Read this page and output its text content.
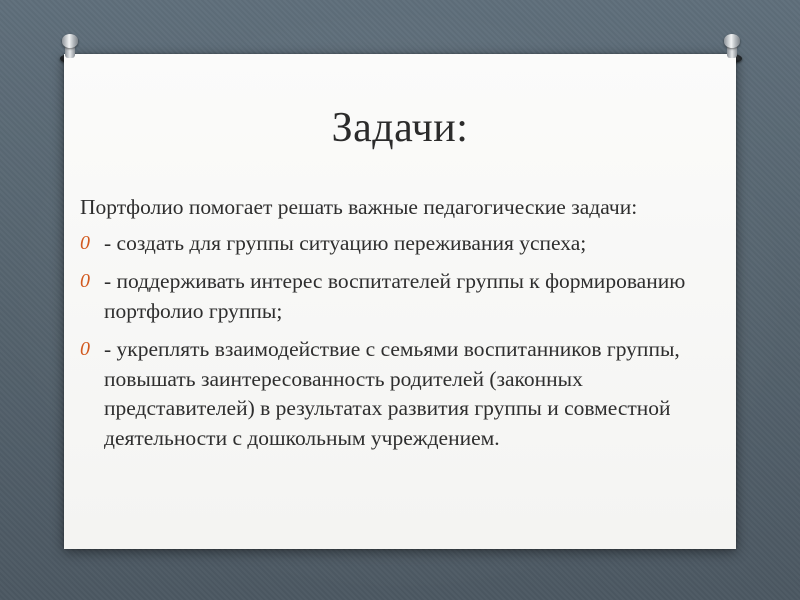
Задачи:

Портфолио помогает решать важные педагогические задачи:

0 - создать для группы ситуацию переживания успеха;
0 - поддерживать интерес воспитателей группы к формированию портфолио группы;
0 - укреплять взаимодействие с семьями воспитанников группы, повышать заинтересованность родителей (законных представителей) в результатах развития группы и совместной деятельности с дошкольным учреждением.
